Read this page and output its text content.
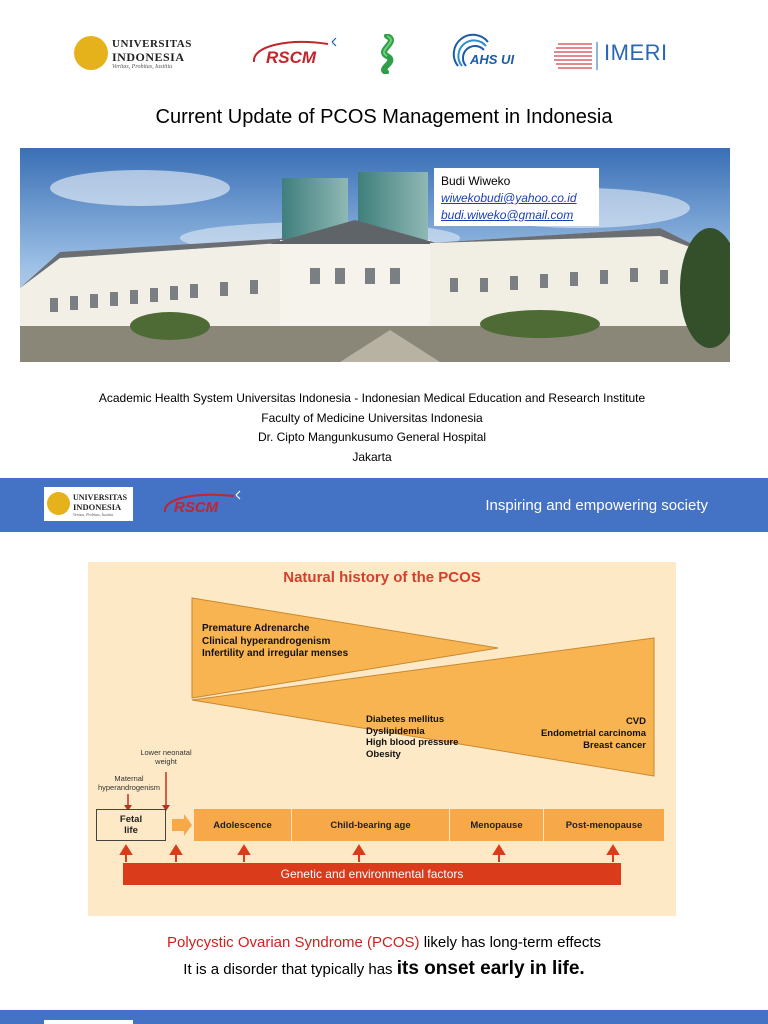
UNIVERSITAS
INDONESIA
Veritas, Probitas, Iustitia	RSCM	AHS UI	IMERI
Current Update of PCOS Management in Indonesia
Budi Wiweko
wiwekobudi@yahoo.co.id
budi.wiweko@gmail.com
Academic Health System Universitas Indonesia - Indonesian Medical Education and Research Institute
Faculty of Medicine Universitas Indonesia
Dr. Cipto Mangunkusumo General Hospital
Jakarta
UNIVERSITAS
INDONESIA
Veritas, Probitas, Iustitia	RSCM	Inspiring and empowering society
Natural history of the PCOS
Premature Adrenarche
Clinical hyperandrogenism
Infertility and irregular menses
Diabetes mellitus
Dyslipidemia
High blood pressure
Obesity
CVD
Endometrial carcinoma
Breast cancer
Lower neonatal
weight
Maternal
hyperandrogenism
Fetal
life	Adolescence	Child-bearing age	Menopause	Post-menopause
Genetic and environmental factors
Polycystic Ovarian Syndrome (PCOS) likely has long-term effects
It is a disorder that typically has its onset early in life.
